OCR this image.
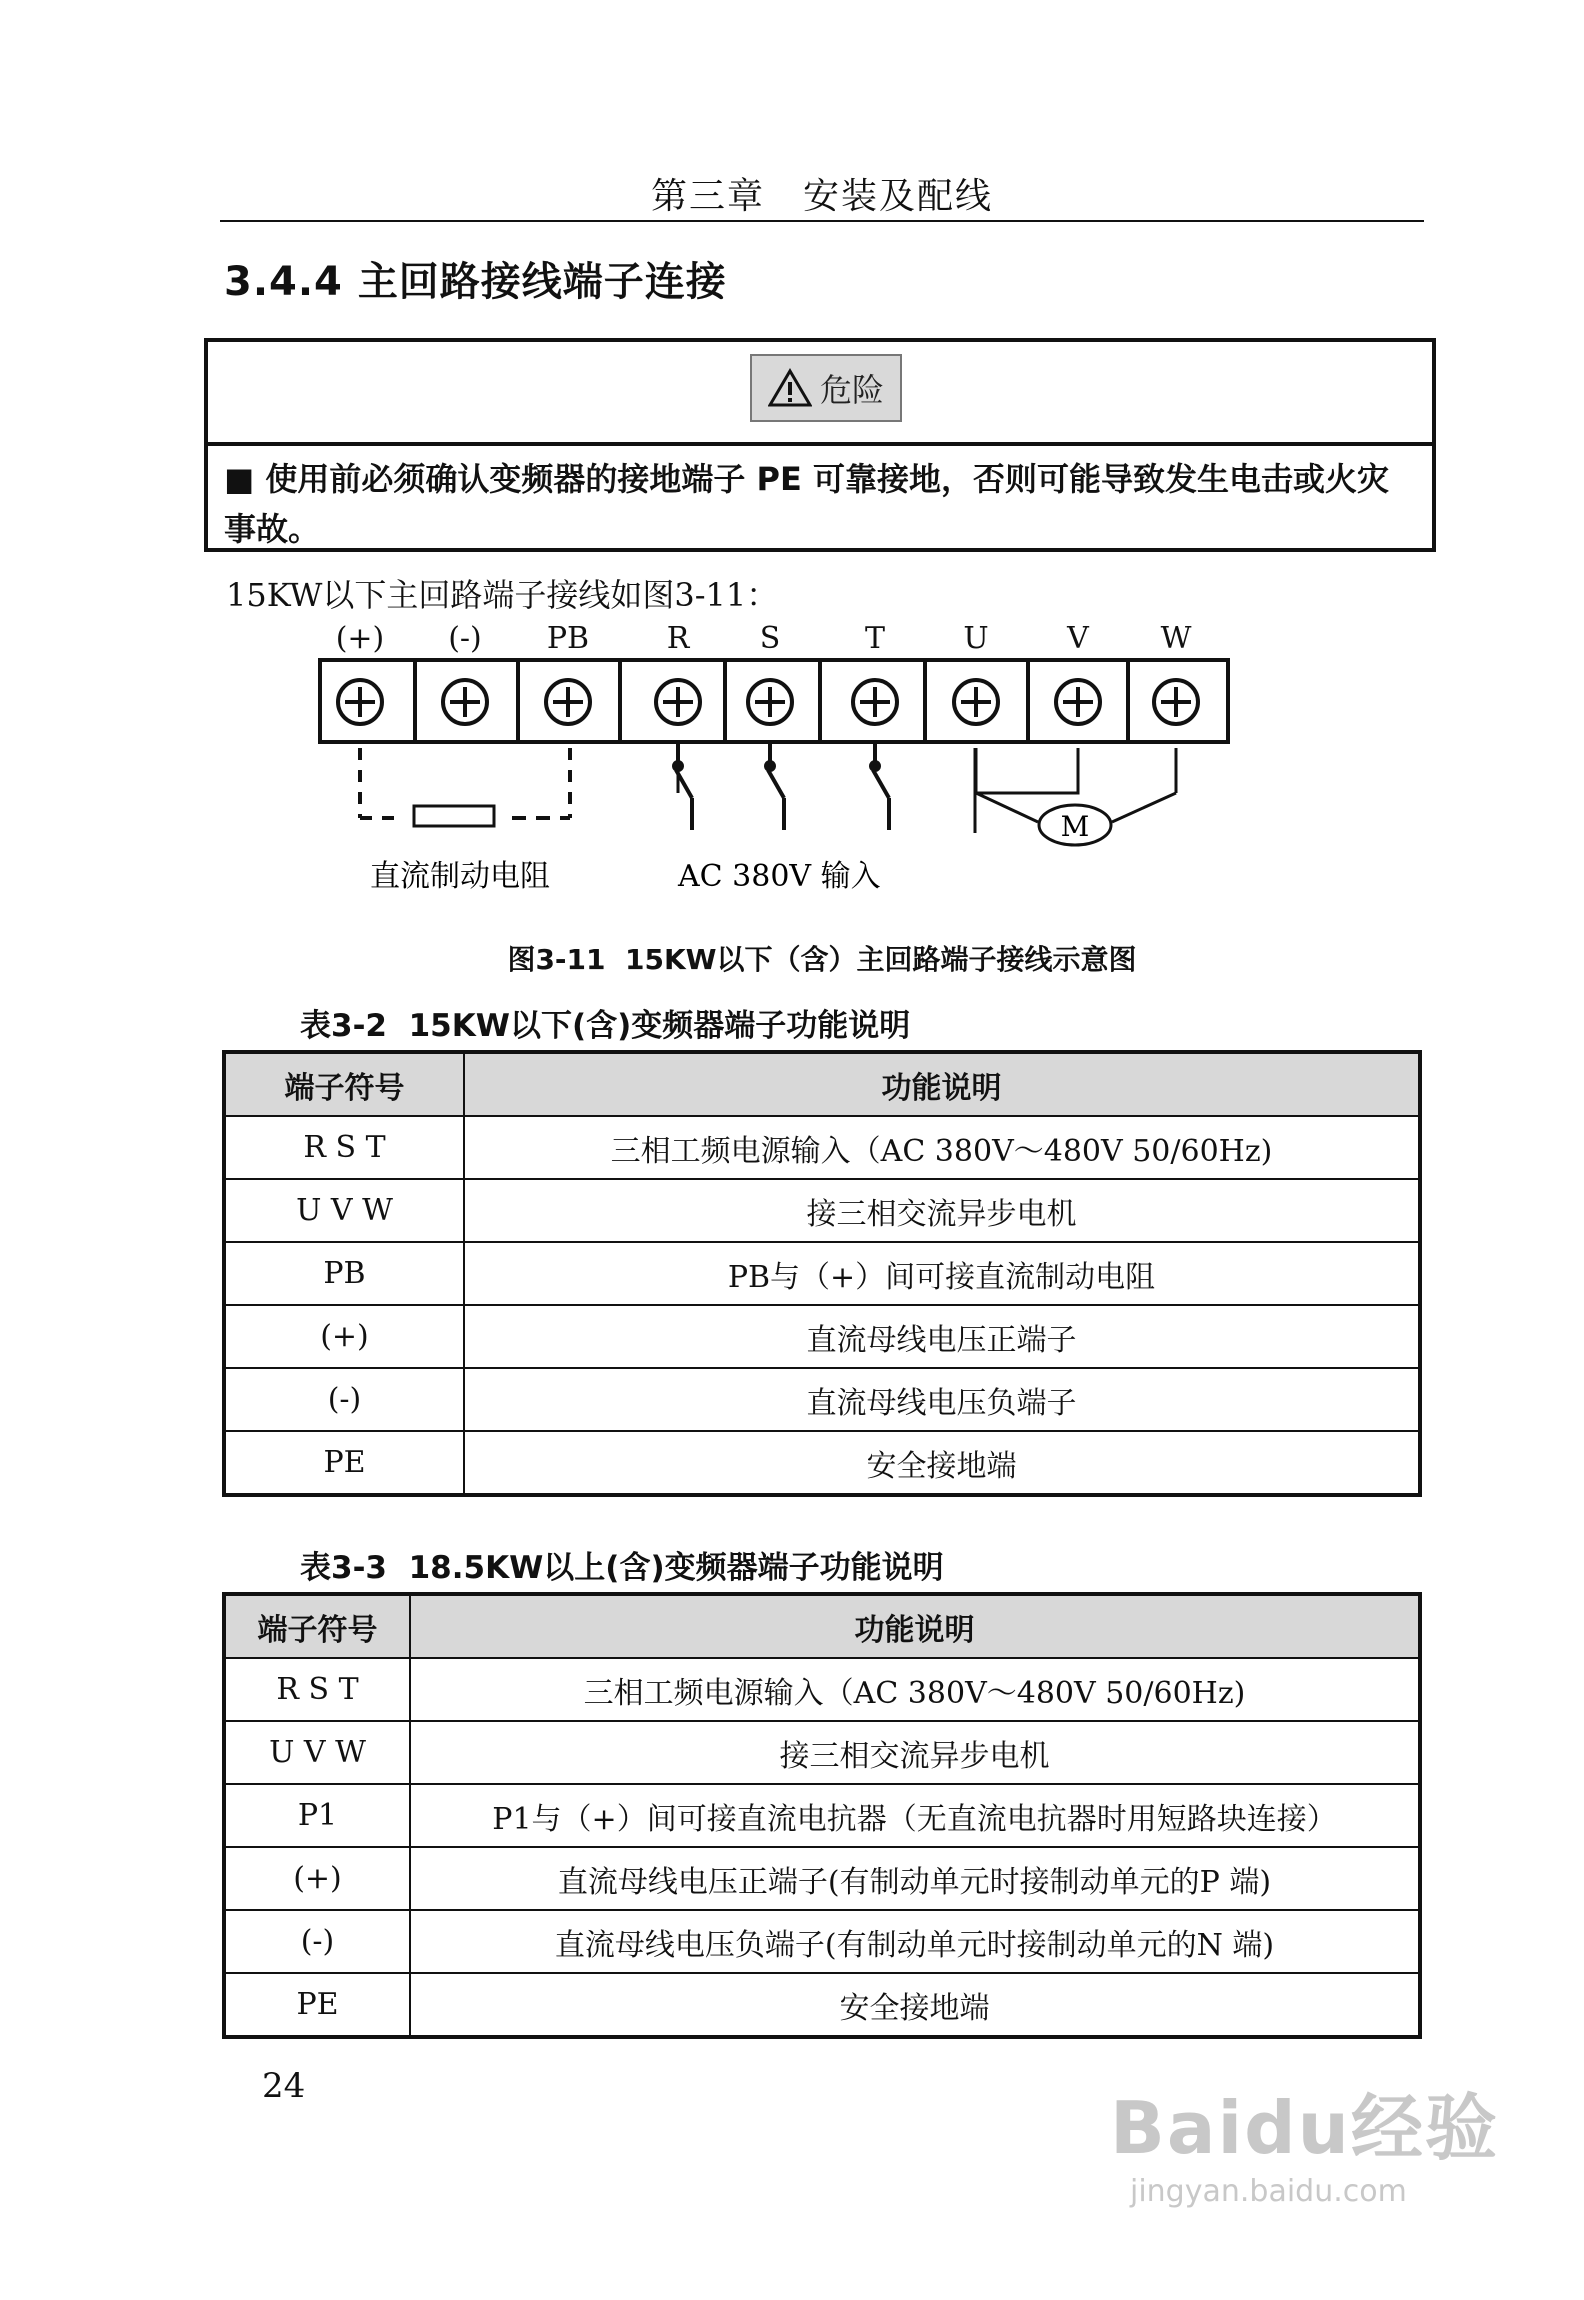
第三章　安装及配线
3.4.4 主回路接线端子连接
危险
■ 使用前必须确认变频器的接地端子 PE 可靠接地，否则可能导致发生电击或火灾事故。
15KW以下主回路端子接线如图3-11：
(+) (-) PB	R S	T	U	V W
M
直流制动电阻	AC 380V 输入
图3-11  15KW以下（含）主回路端子接线示意图
表3-2  15KW以下(含)变频器端子功能说明
端子符号	功能说明
R S T	三相工频电源输入（AC 380V～480V 50/60Hz)
U V W	接三相交流异步电机
PB	PB与（+）间可接直流制动电阻
(+)	直流母线电压正端子
(-)	直流母线电压负端子
PE	安全接地端
表3-3  18.5KW以上(含)变频器端子功能说明
端子符号	功能说明
R S T	三相工频电源输入（AC 380V～480V 50/60Hz)
U V W	接三相交流异步电机
P1	P1与（+）间可接直流电抗器（无直流电抗器时用短路块连接）
(+)	直流母线电压正端子(有制动单元时接制动单元的P 端)
(-)	直流母线电压负端子(有制动单元时接制动单元的N 端)
PE	安全接地端
24	Baidu经验
jingyan.baidu.com
